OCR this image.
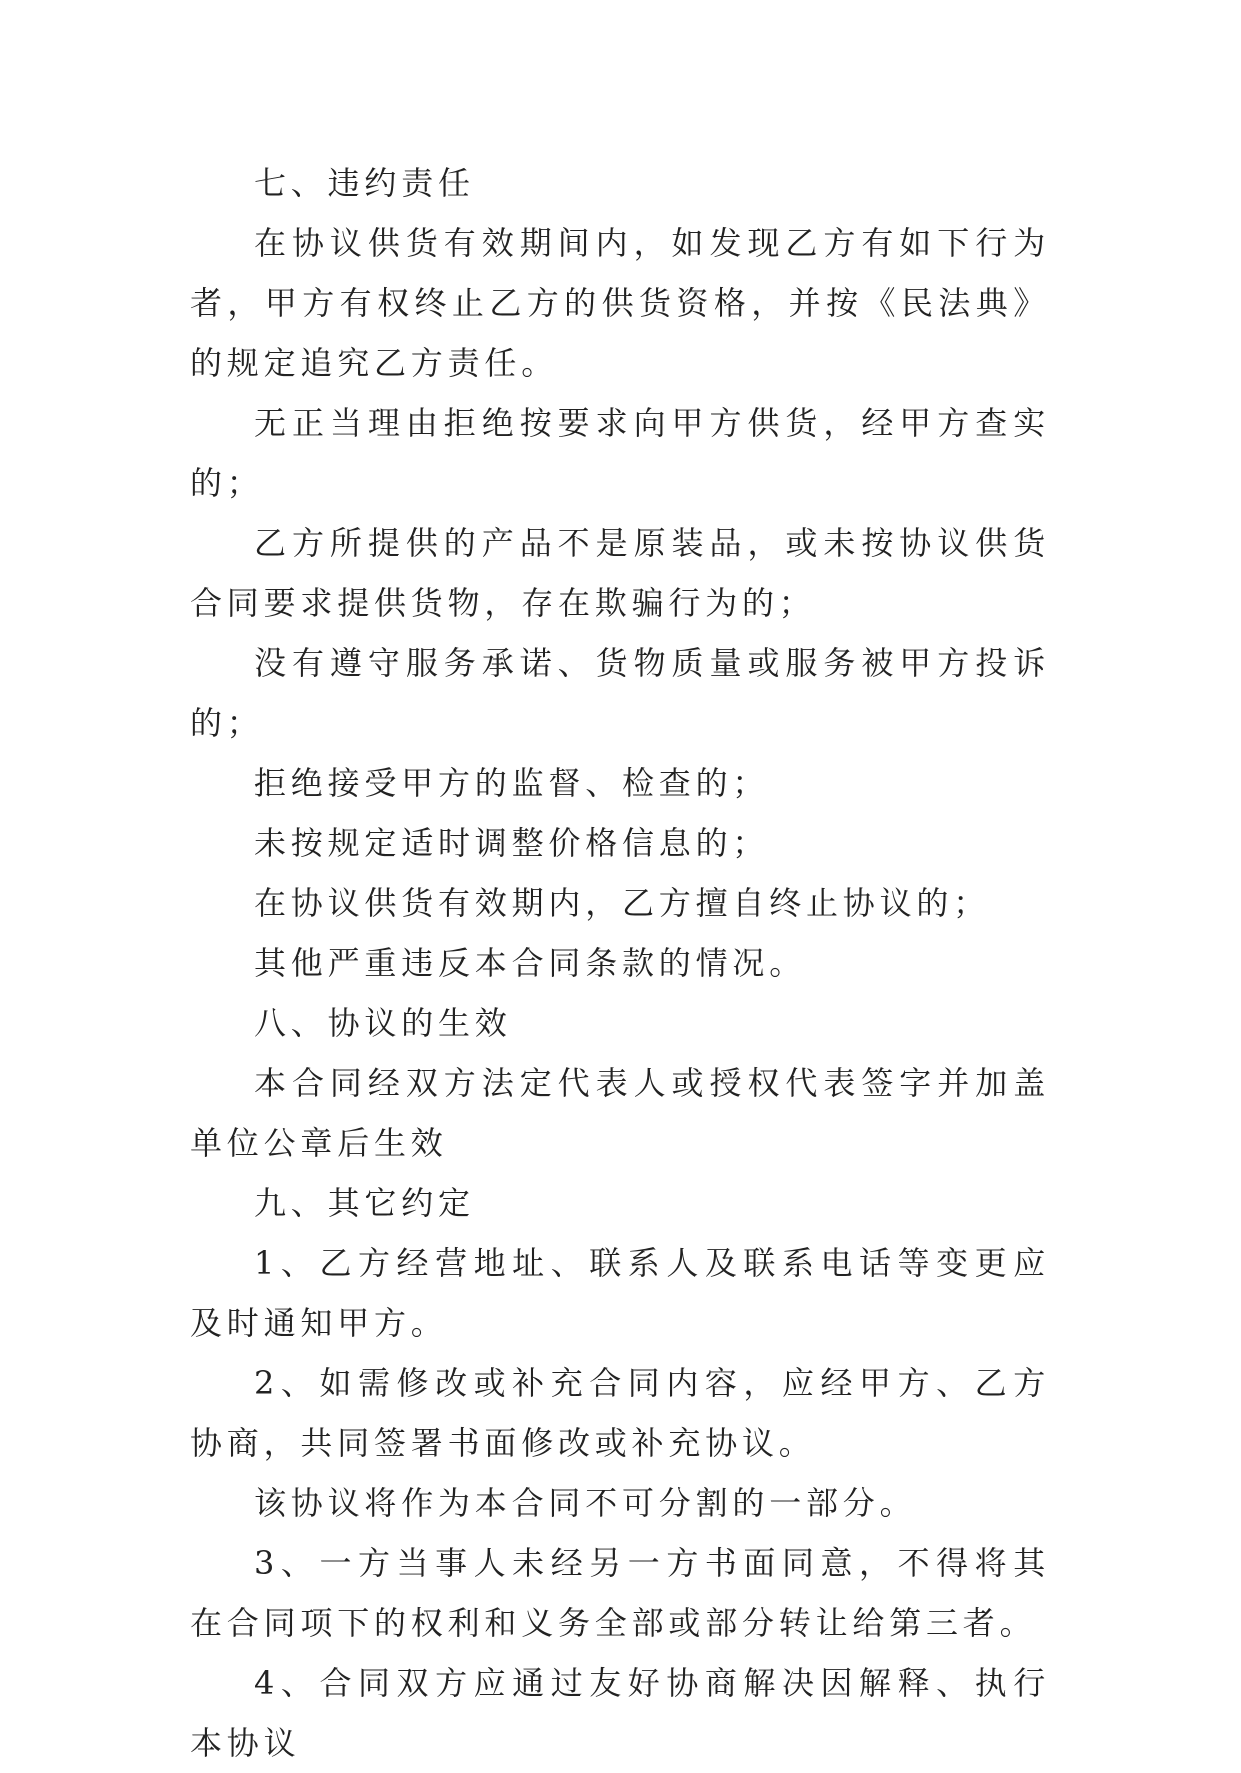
七、违约责任

在协议供货有效期间内，如发现乙方有如下行为者，甲方有权终止乙方的供货资格，并按《民法典》的规定追究乙方责任。

无正当理由拒绝按要求向甲方供货，经甲方查实的；

乙方所提供的产品不是原装品，或未按协议供货合同要求提供货物，存在欺骗行为的；

没有遵守服务承诺、货物质量或服务被甲方投诉的；

拒绝接受甲方的监督、检查的；

未按规定适时调整价格信息的；

在协议供货有效期内，乙方擅自终止协议的；

其他严重违反本合同条款的情况。

八、协议的生效

本合同经双方法定代表人或授权代表签字并加盖单位公章后生效

九、其它约定

1、乙方经营地址、联系人及联系电话等变更应及时通知甲方。

2、如需修改或补充合同内容，应经甲方、乙方协商，共同签署书面修改或补充协议。

该协议将作为本合同不可分割的一部分。

3、一方当事人未经另一方书面同意，不得将其在合同项下的权利和义务全部或部分转让给第三者。

4、合同双方应通过友好协商解决因解释、执行本协议
